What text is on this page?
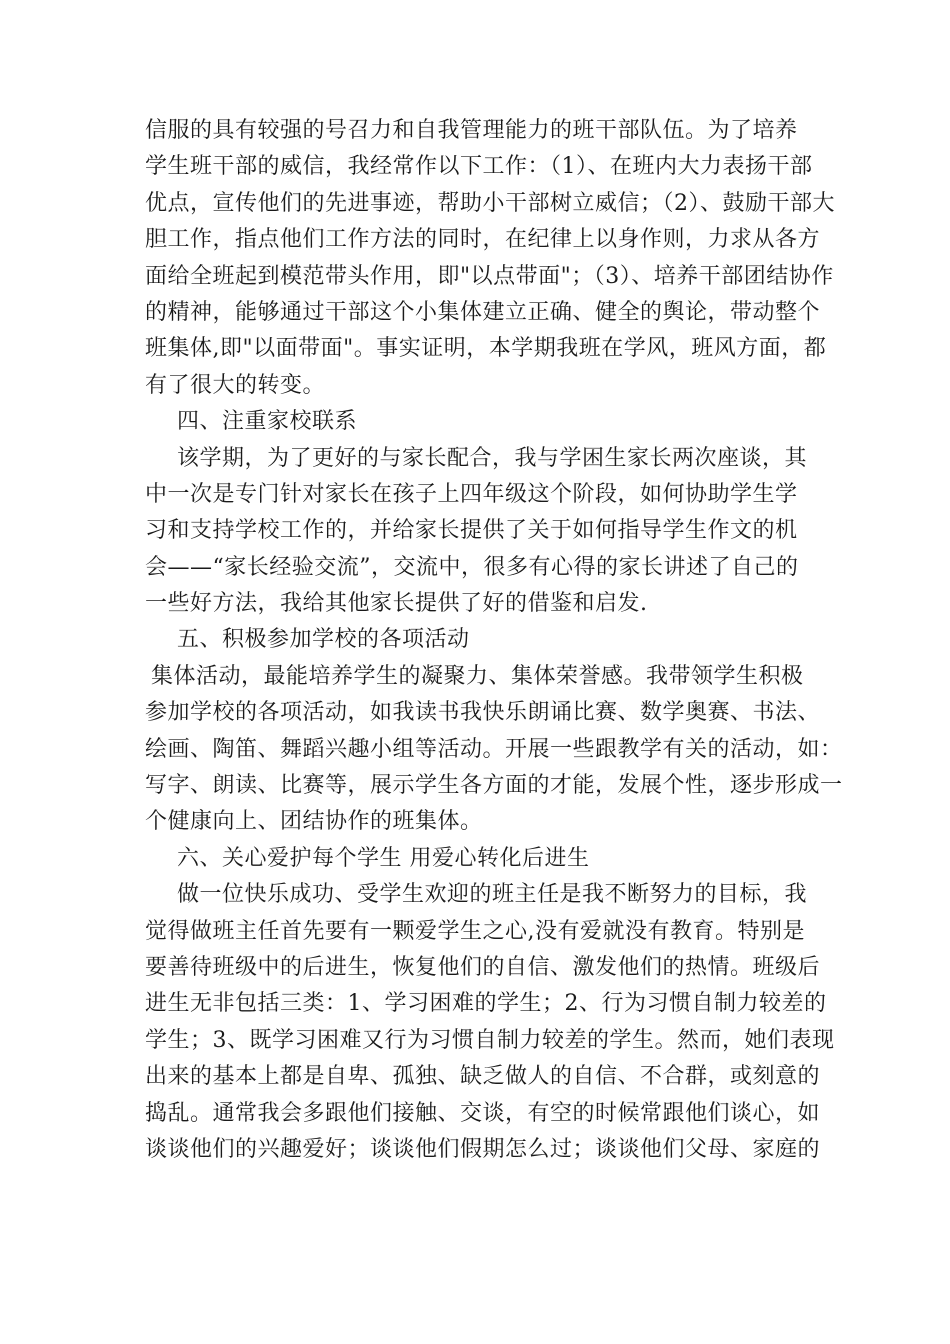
信服的具有较强的号召力和自我管理能力的班干部队伍。为了培养
学生班干部的威信，我经常作以下工作：（1）、在班内大力表扬干部
优点，宣传他们的先进事迹，帮助小干部树立威信；（2）、鼓励干部大
胆工作，指点他们工作方法的同时，在纪律上以身作则，力求从各方
面给全班起到模范带头作用，即"以点带面"；（3）、培养干部团结协作
的精神，能够通过干部这个小集体建立正确、健全的舆论，带动整个
班集体,即"以面带面"。事实证明，本学期我班在学风，班风方面，都
有了很大的转变。
四、注重家校联系
该学期，为了更好的与家长配合，我与学困生家长两次座谈，其
中一次是专门针对家长在孩子上四年级这个阶段，如何协助学生学
习和支持学校工作的，并给家长提供了关于如何指导学生作文的机
会——“家长经验交流”，交流中，很多有心得的家长讲述了自己的
一些好方法，我给其他家长提供了好的借鉴和启发.
五、积极参加学校的各项活动
集体活动，最能培养学生的凝聚力、集体荣誉感。我带领学生积极
参加学校的各项活动，如我读书我快乐朗诵比赛、数学奥赛、书法、
绘画、陶笛、舞蹈兴趣小组等活动。开展一些跟教学有关的活动，如：
写字、朗读、比赛等，展示学生各方面的才能，发展个性，逐步形成一
个健康向上、团结协作的班集体。
六、关心爱护每个学生 用爱心转化后进生
做一位快乐成功、受学生欢迎的班主任是我不断努力的目标，我
觉得做班主任首先要有一颗爱学生之心,没有爱就没有教育。特别是
要善待班级中的后进生，恢复他们的自信、激发他们的热情。班级后
进生无非包括三类：1、学习困难的学生；2、行为习惯自制力较差的
学生；3、既学习困难又行为习惯自制力较差的学生。然而，她们表现
出来的基本上都是自卑、孤独、缺乏做人的自信、不合群，或刻意的
捣乱。通常我会多跟他们接触、交谈，有空的时候常跟他们谈心，如
谈谈他们的兴趣爱好；谈谈他们假期怎么过；谈谈他们父母、家庭的
